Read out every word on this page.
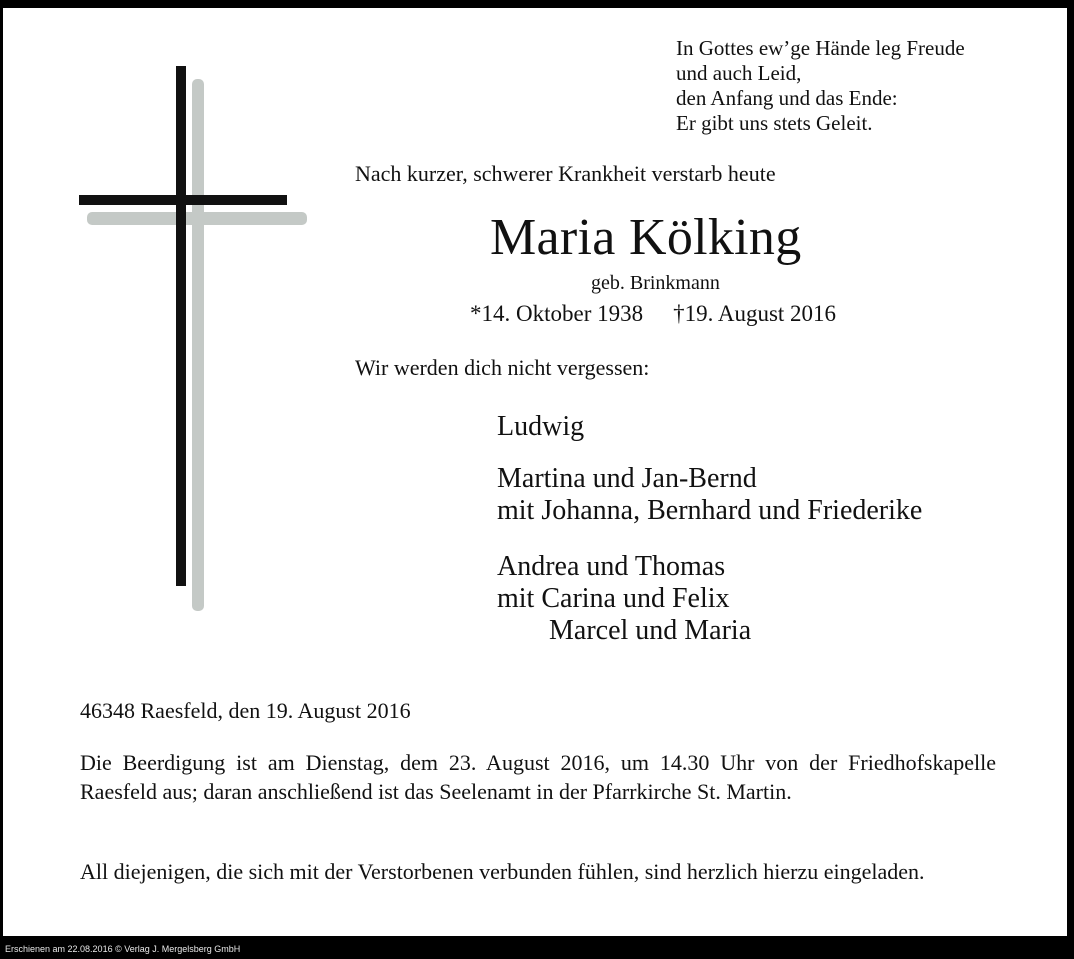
In Gottes ew’ge Hände leg Freude
und auch Leid,
den Anfang und das Ende:
Er gibt uns stets Geleit.
Nach kurzer, schwerer Krankheit verstarb heute
Maria Kölking
geb. Brinkmann
*14. Oktober 1938 †19. August 2016
Wir werden dich nicht vergessen:
Ludwig
Martina und Jan-Bernd
mit Johanna, Bernhard und Friederike
Andrea und Thomas
mit Carina und Felix
Marcel und Maria
46348 Raesfeld, den 19. August 2016
Die Beerdigung ist am Dienstag, dem 23. August 2016, um 14.30 Uhr von der Friedhofskapelle Raesfeld aus; daran anschließend ist das Seelenamt in der Pfarrkirche St. Martin.
All diejenigen, die sich mit der Verstorbenen verbunden fühlen, sind herzlich hierzu eingeladen.
Erschienen am 22.08.2016 © Verlag J. Mergelsberg GmbH
